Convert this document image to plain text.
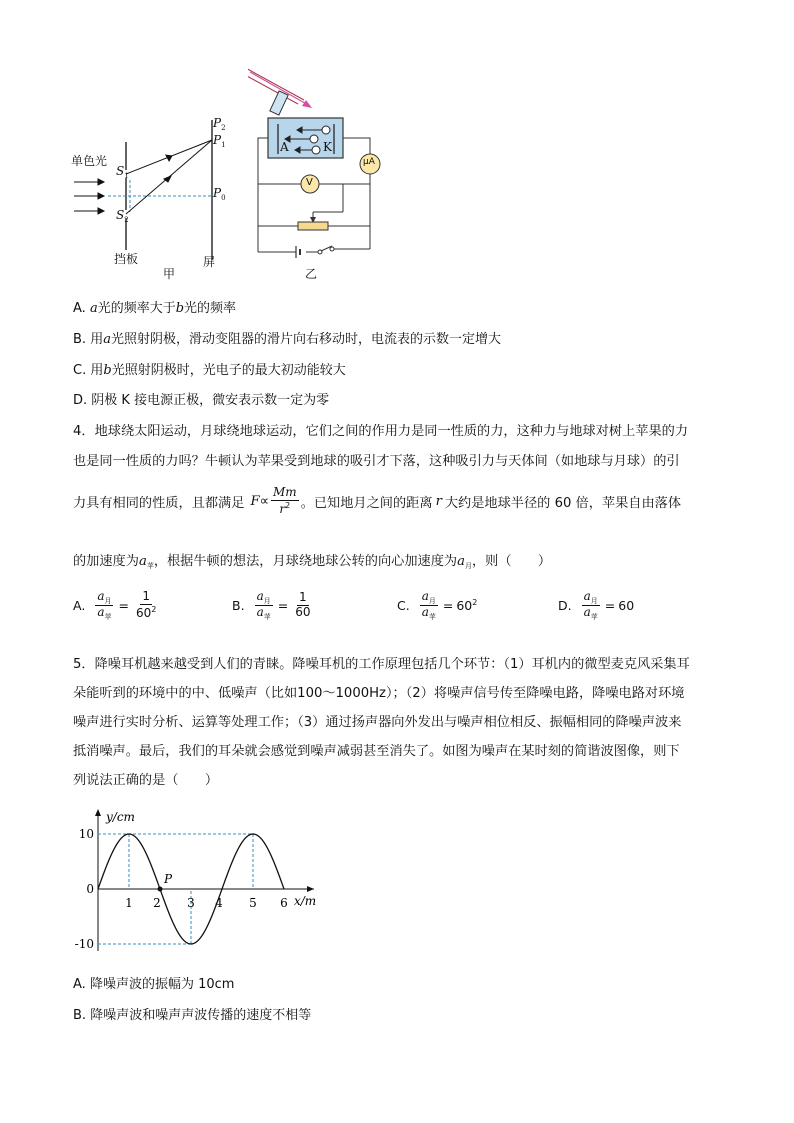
单色光
$S_1$
$S_2$
$P_2$
$P_1$
$P_0$
挡板	屏
甲
A	K
μA
V
乙
A. a光的频率大于b光的频率
B. 用a光照射阴极，滑动变阻器的滑片向右移动时，电流表的示数一定增大
C. 用b光照射阴极时，光电子的最大初动能较大
D. 阴极 K 接电源正极，微安表示数一定为零
4．地球绕太阳运动，月球绕地球运动，它们之间的作用力是同一性质的力，这种力与地球对树上苹果的力
也是同一性质的力吗？牛顿认为苹果受到地球的吸引才下落，这种吸引力与天体间（如地球与月球）的引
力具有相同的性质，且都满足 $F \propto \frac{Mm}{r^2}$ 。已知地月之间的距离 r 大约是地球半径的 60 倍，苹果自由落体
的加速度为$a_苹$，根据牛顿的想法，月球绕地球公转的向心加速度为$a_月$，则（　　）
A. $\frac{a_月}{a_苹} = \frac{1}{60^2}$	B. $\frac{a_月}{a_苹} = \frac{1}{60}$	C. $\frac{a_月}{a_苹} = 60^2$	D. $\frac{a_月}{a_苹} = 60$
5．降噪耳机越来越受到人们的青睐。降噪耳机的工作原理包括几个环节：（1）耳机内的微型麦克风采集耳
朵能听到的环境中的中、低噪声（比如100～1000Hz）；（2）将噪声信号传至降噪电路，降噪电路对环境
噪声进行实时分析、运算等处理工作；（3）通过扬声器向外发出与噪声相位相反、振幅相同的降噪声波来
抵消噪声。最后，我们的耳朵就会感觉到噪声减弱甚至消失了。如图为噪声在某时刻的简谐波图像，则下
列说法正确的是（　　）
y/cm
x/m
10
0
-10
1 2 3 4 5 6
P
A. 降噪声波的振幅为 10cm
B. 降噪声波和噪声声波传播的速度不相等
